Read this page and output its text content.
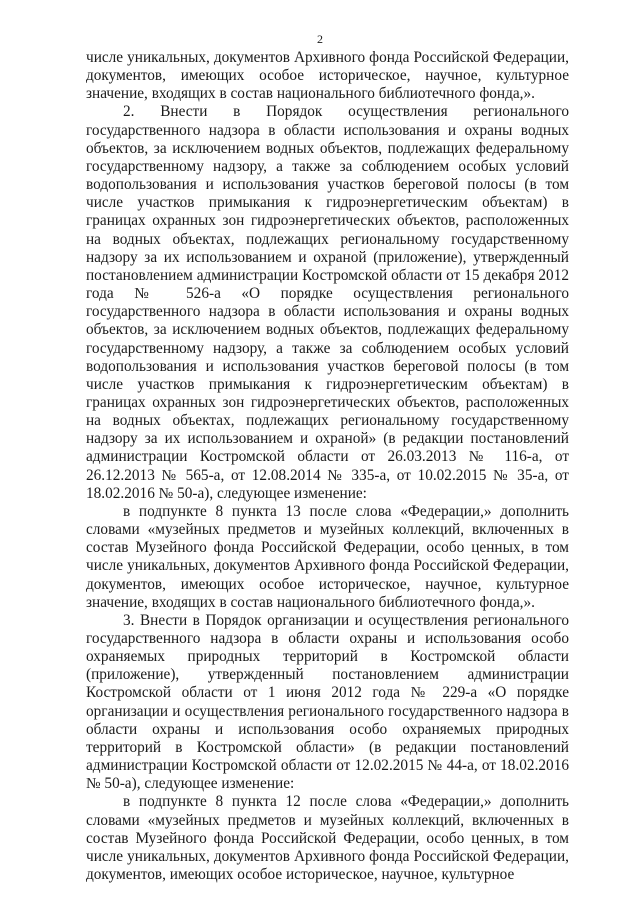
2

числе уникальных, документов Архивного фонда Российской Федерации, документов, имеющих особое историческое, научное, культурное значение, входящих в состав национального библиотечного фонда,».

2. Внести в Порядок осуществления регионального государственного надзора в области использования и охраны водных объектов, за исключением водных объектов, подлежащих федеральному государственному надзору, а также за соблюдением особых условий водопользования и использования участков береговой полосы (в том числе участков примыкания к гидроэнергетическим объектам) в границах охранных зон гидроэнергетических объектов, расположенных на водных объектах, подлежащих региональному государственному надзору за их использованием и охраной (приложение), утвержденный постановлением администрации Костромской области от 15 декабря 2012 года № 526-а «О порядке осуществления регионального государственного надзора в области использования и охраны водных объектов, за исключением водных объектов, подлежащих федеральному государственному надзору, а также за соблюдением особых условий водопользования и использования участков береговой полосы (в том числе участков примыкания к гидроэнергетическим объектам) в границах охранных зон гидроэнергетических объектов, расположенных на водных объектах, подлежащих региональному государственному надзору за их использованием и охраной» (в редакции постановлений администрации Костромской области от 26.03.2013 № 116-а, от 26.12.2013 № 565-а, от 12.08.2014 № 335-а, от 10.02.2015 № 35-а, от 18.02.2016 № 50-а), следующее изменение:

в подпункте 8 пункта 13 после слова «Федерации,» дополнить словами «музейных предметов и музейных коллекций, включенных в состав Музейного фонда Российской Федерации, особо ценных, в том числе уникальных, документов Архивного фонда Российской Федерации, документов, имеющих особое историческое, научное, культурное значение, входящих в состав национального библиотечного фонда,».

3. Внести в Порядок организации и осуществления регионального государственного надзора в области охраны и использования особо охраняемых природных территорий в Костромской области (приложение), утвержденный постановлением администрации Костромской области от 1 июня 2012 года № 229-а «О порядке организации и осуществления регионального государственного надзора в области охраны и использования особо охраняемых природных территорий в Костромской области» (в редакции постановлений администрации Костромской области от 12.02.2015 № 44-а, от 18.02.2016 № 50-а), следующее изменение:

в подпункте 8 пункта 12 после слова «Федерации,» дополнить словами «музейных предметов и музейных коллекций, включенных в состав Музейного фонда Российской Федерации, особо ценных, в том числе уникальных, документов Архивного фонда Российской Федерации, документов, имеющих особое историческое, научное, культурное
